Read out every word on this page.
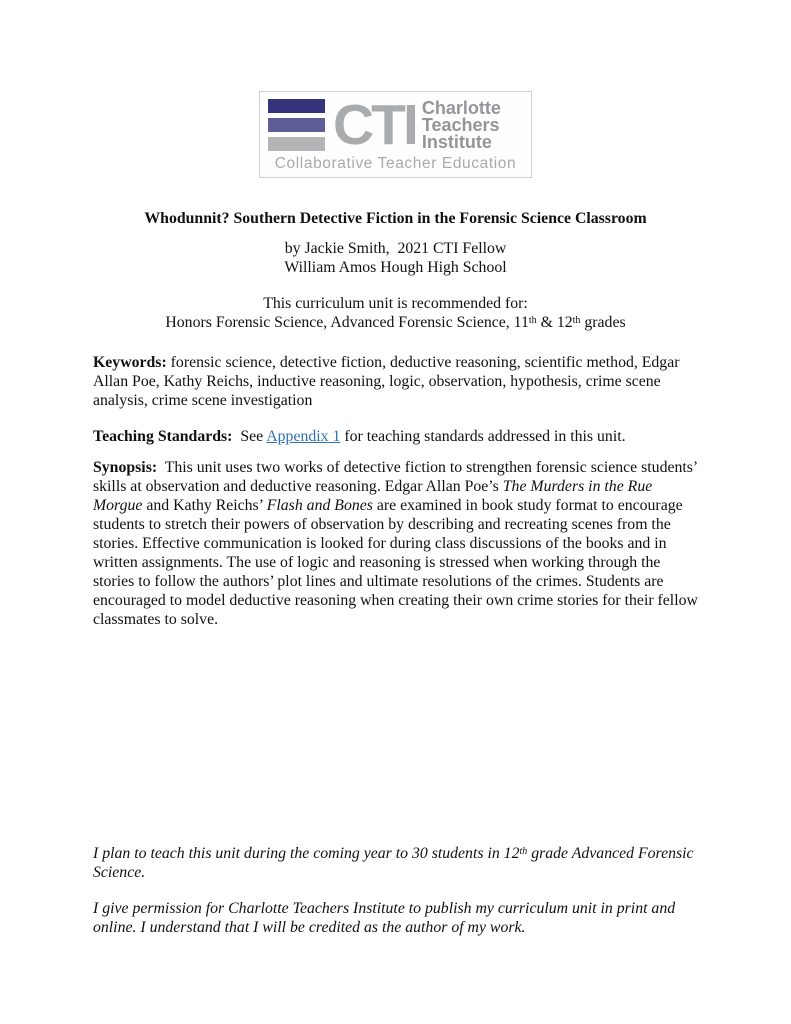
CTI Charlotte
Teachers
Institute
Collaborative Teacher Education
Whodunnit? Southern Detective Fiction in the Forensic Science Classroom
by Jackie Smith,  2021 CTI Fellow
William Amos Hough High School
This curriculum unit is recommended for:
Honors Forensic Science, Advanced Forensic Science, 11th & 12th grades

Keywords: forensic science, detective fiction, deductive reasoning, scientific method, Edgar Allan Poe, Kathy Reichs, inductive reasoning, logic, observation, hypothesis, crime scene analysis, crime scene investigation

Teaching Standards:  See Appendix 1 for teaching standards addressed in this unit.

Synopsis:  This unit uses two works of detective fiction to strengthen forensic science students’ skills at observation and deductive reasoning. Edgar Allan Poe’s The Murders in the Rue Morgue and Kathy Reichs’ Flash and Bones are examined in book study format to encourage students to stretch their powers of observation by describing and recreating scenes from the stories. Effective communication is looked for during class discussions of the books and in written assignments. The use of logic and reasoning is stressed when working through the stories to follow the authors’ plot lines and ultimate resolutions of the crimes. Students are encouraged to model deductive reasoning when creating their own crime stories for their fellow classmates to solve.

I plan to teach this unit during the coming year to 30 students in 12th grade Advanced Forensic Science.

I give permission for Charlotte Teachers Institute to publish my curriculum unit in print and online. I understand that I will be credited as the author of my work.
